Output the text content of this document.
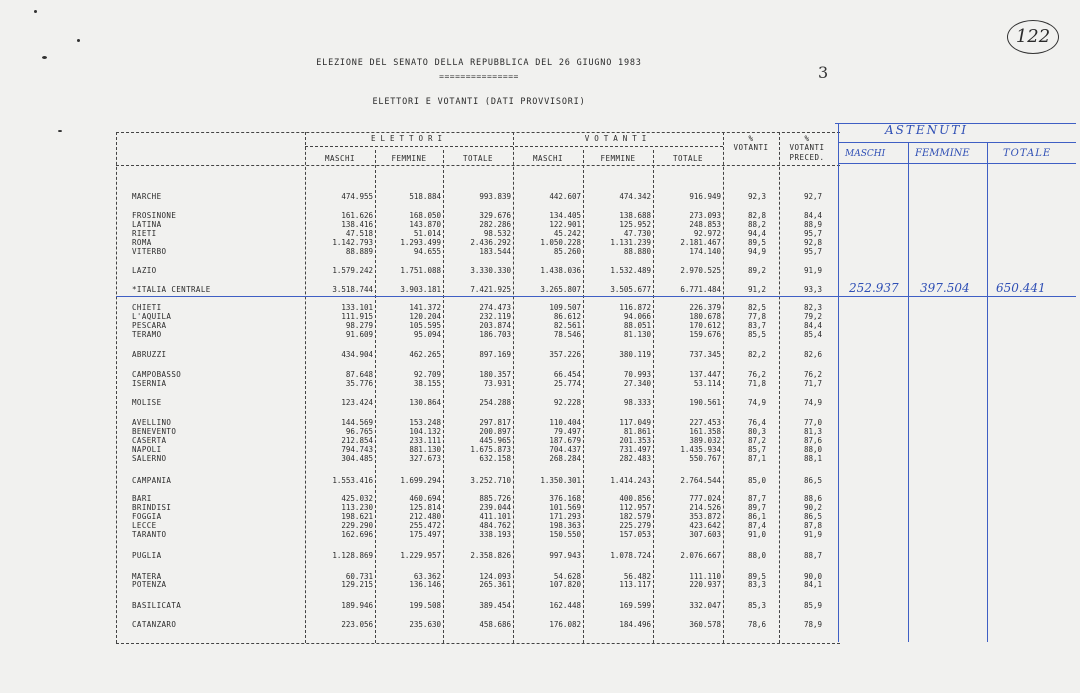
ELEZIONE DEL SENATO DELLA REPUBBLICA DEL 26 GIUGNO 1983
===============
ELETTORI E VOTANTI (DATI PROVVISORI)
3
122
ELETTORI	VOTANTI
MASCHI	FEMMINE	TOTALE	MASCHI	FEMMINE	TOTALE
%
VOTANTI
%
VOTANTI
PRECED.
MARCHE	474.955	518.884	993.839	442.607	474.342	916.949	92,3	92,7
FROSINONE	161.626	168.050	329.676	134.405	138.688	273.093	82,8	84,4
LATINA	138.416	143.870	282.286	122.901	125.952	248.853	88,2	88,9
RIETI	47.518	51.014	98.532	45.242	47.730	92.972	94,4	95,7
ROMA	1.142.793	1.293.499	2.436.292	1.050.228	1.131.239	2.181.467	89,5	92,8
VITERBO	88.889	94.655	183.544	85.260	88.880	174.140	94,9	95,7
LAZIO	1.579.242	1.751.088	3.330.330	1.438.036	1.532.489	2.970.525	89,2	91,9
*ITALIA CENTRALE	3.518.744	3.903.181	7.421.925	3.265.807	3.505.677	6.771.484	91,2	93,3
CHIETI	133.101	141.372	274.473	109.507	116.872	226.379	82,5	82,3
L'AQUILA	111.915	120.204	232.119	86.612	94.066	180.678	77,8	79,2
PESCARA	98.279	105.595	203.874	82.561	88.051	170.612	83,7	84,4
TERAMO	91.609	95.094	186.703	78.546	81.130	159.676	85,5	85,4
ABRUZZI	434.904	462.265	897.169	357.226	380.119	737.345	82,2	82,6
CAMPOBASSO	87.648	92.709	180.357	66.454	70.993	137.447	76,2	76,2
ISERNIA	35.776	38.155	73.931	25.774	27.340	53.114	71,8	71,7
MOLISE	123.424	130.864	254.288	92.228	98.333	190.561	74,9	74,9
AVELLINO	144.569	153.248	297.817	110.404	117.049	227.453	76,4	77,0
BENEVENTO	96.765	104.132	200.897	79.497	81.861	161.358	80,3	81,3
CASERTA	212.854	233.111	445.965	187.679	201.353	389.032	87,2	87,6
NAPOLI	794.743	881.130	1.675.873	704.437	731.497	1.435.934	85,7	88,0
SALERNO	304.485	327.673	632.158	268.284	282.483	550.767	87,1	88,1
CAMPANIA	1.553.416	1.699.294	3.252.710	1.350.301	1.414.243	2.764.544	85,0	86,5
BARI	425.032	460.694	885.726	376.168	400.856	777.024	87,7	88,6
BRINDISI	113.230	125.814	239.044	101.569	112.957	214.526	89,7	90,2
FOGGIA	198.621	212.480	411.101	171.293	182.579	353.872	86,1	86,5
LECCE	229.290	255.472	484.762	198.363	225.279	423.642	87,4	87,8
TARANTO	162.696	175.497	338.193	150.550	157.053	307.603	91,0	91,9
PUGLIA	1.128.869	1.229.957	2.358.826	997.943	1.078.724	2.076.667	88,0	88,7
MATERA	60.731	63.362	124.093	54.628	56.482	111.110	89,5	90,0
POTENZA	129.215	136.146	265.361	107.820	113.117	220.937	83,3	84,1
BASILICATA	189.946	199.508	389.454	162.448	169.599	332.047	85,3	85,9
CATANZARO	223.056	235.630	458.686	176.082	184.496	360.578	78,6	78,9
ASTENUTI
MASCHI	FEMMINE	TOTALE
252.937 397.504 650.441
